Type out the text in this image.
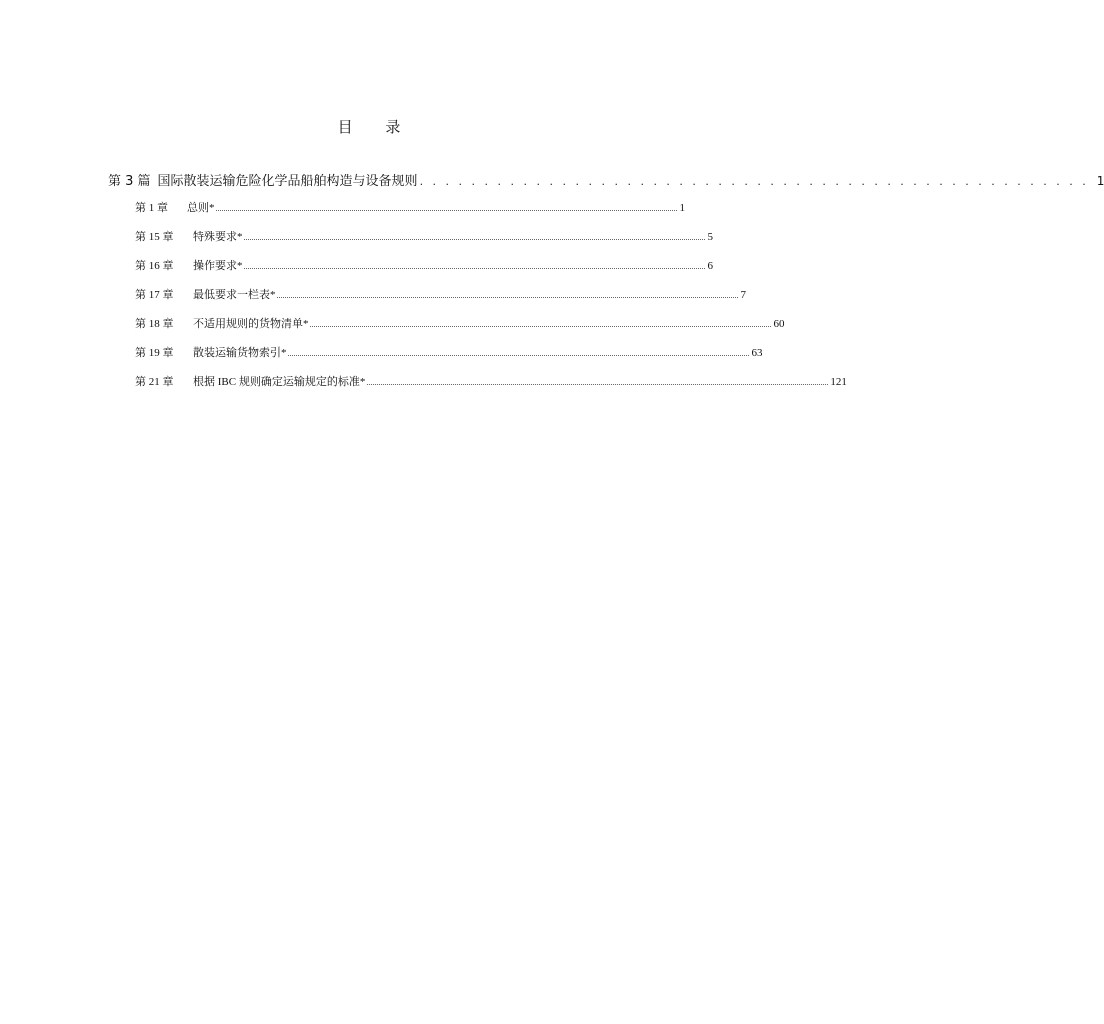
目 录
第 3 篇 国际散装运输危险化学品船舶构造与设备规则 . . . . . . . . . . . . . . . . . . . . . . . . . . . . . . . . . . . . . . . . . . . . . . . . . . . . 1
第 1 章	总则* ....................................................................................................................................................................................................................................... 1
第 15 章	特殊要求* ....................................................................................................................................................................................................................................... 5
第 16 章	操作要求* ....................................................................................................................................................................................................................................... 6
第 17 章	最低要求一栏表* ....................................................................................................................................................................................................................................... 7
第 18 章	不适用规则的货物清单* ....................................................................................................................................................................................................................................... 60
第 19 章	散装运输货物索引* ....................................................................................................................................................................................................................................... 63
第 21 章	根据 IBC 规则确定运输规定的标准* ....................................................................................................................................................................................................................................... 121
